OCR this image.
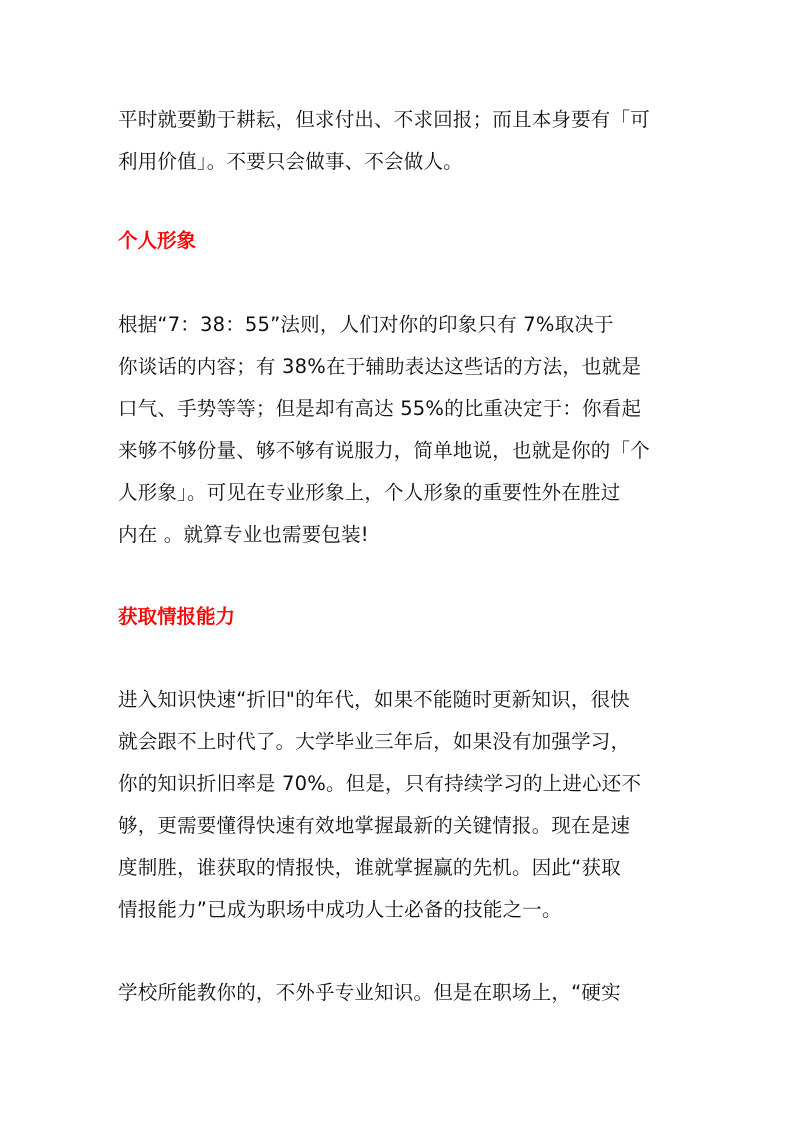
平时就要勤于耕耘，但求付出、不求回报；而且本身要有「可
利用价值」。不要只会做事、不会做人。

个人形象

根据“7：38：55”法则，人们对你的印象只有 7%取决于
你谈话的内容；有 38%在于辅助表达这些话的方法，也就是
口气、手势等等；但是却有高达 55%的比重决定于：你看起
来够不够份量、够不够有说服力，简单地说，也就是你的「个
人形象」。可见在专业形象上，个人形象的重要性外在胜过
内在 。就算专业也需要包装!

获取情报能力

进入知识快速“折旧"的年代，如果不能随时更新知识，很快
就会跟不上时代了。大学毕业三年后，如果没有加强学习，
你的知识折旧率是 70%。但是，只有持续学习的上进心还不
够，更需要懂得快速有效地掌握最新的关键情报。现在是速
度制胜，谁获取的情报快，谁就掌握赢的先机。因此“获取
情报能力”已成为职场中成功人士必备的技能之一。

学校所能教你的，不外乎专业知识。但是在职场上，“硬实
